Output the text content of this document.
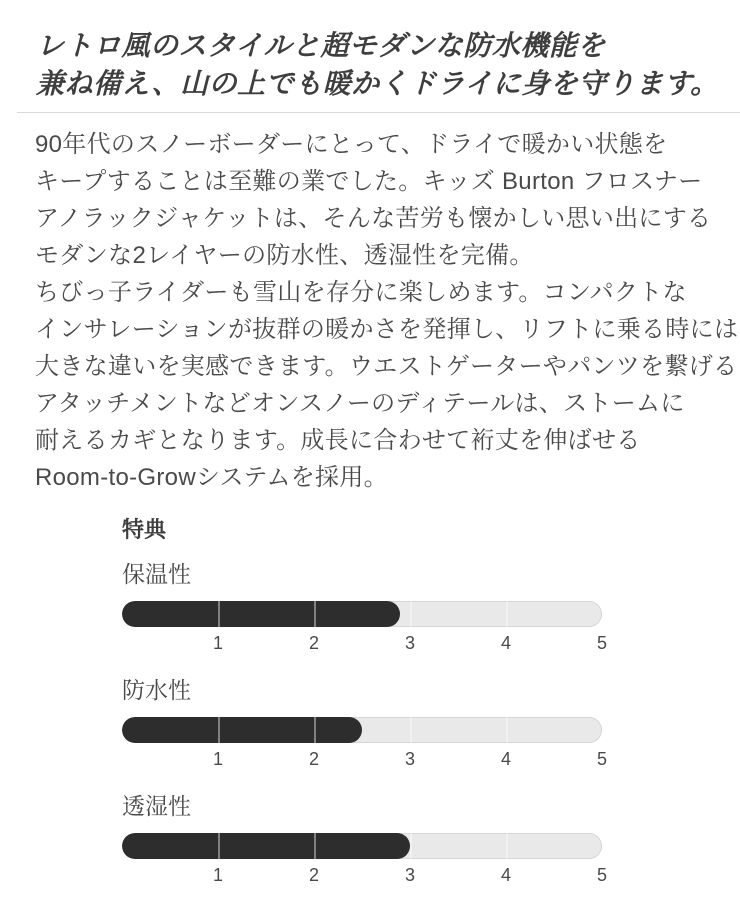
レトロ風のスタイルと超モダンな防水機能を
兼ね備え、山の上でも暖かくドライに身を守ります。

90年代のスノーボーダーにとって、ドライで暖かい状態を
キープすることは至難の業でした。キッズ Burton フロスナー
アノラックジャケットは、そんな苦労も懐かしい思い出にする
モダンな2レイヤーの防水性、透湿性を完備。
ちびっ子ライダーも雪山を存分に楽しめます。コンパクトな
インサレーションが抜群の暖かさを発揮し、リフトに乗る時には
大きな違いを実感できます。ウエストゲーターやパンツを繋げる
アタッチメントなどオンスノーのディテールは、ストームに
耐えるカギとなります。成長に合わせて裄丈を伸ばせる
Room-to-Growシステムを採用。

特典
保温性
1	2	3	4	5
防水性
1	2	3	4	5
透湿性
1	2	3	4	5
